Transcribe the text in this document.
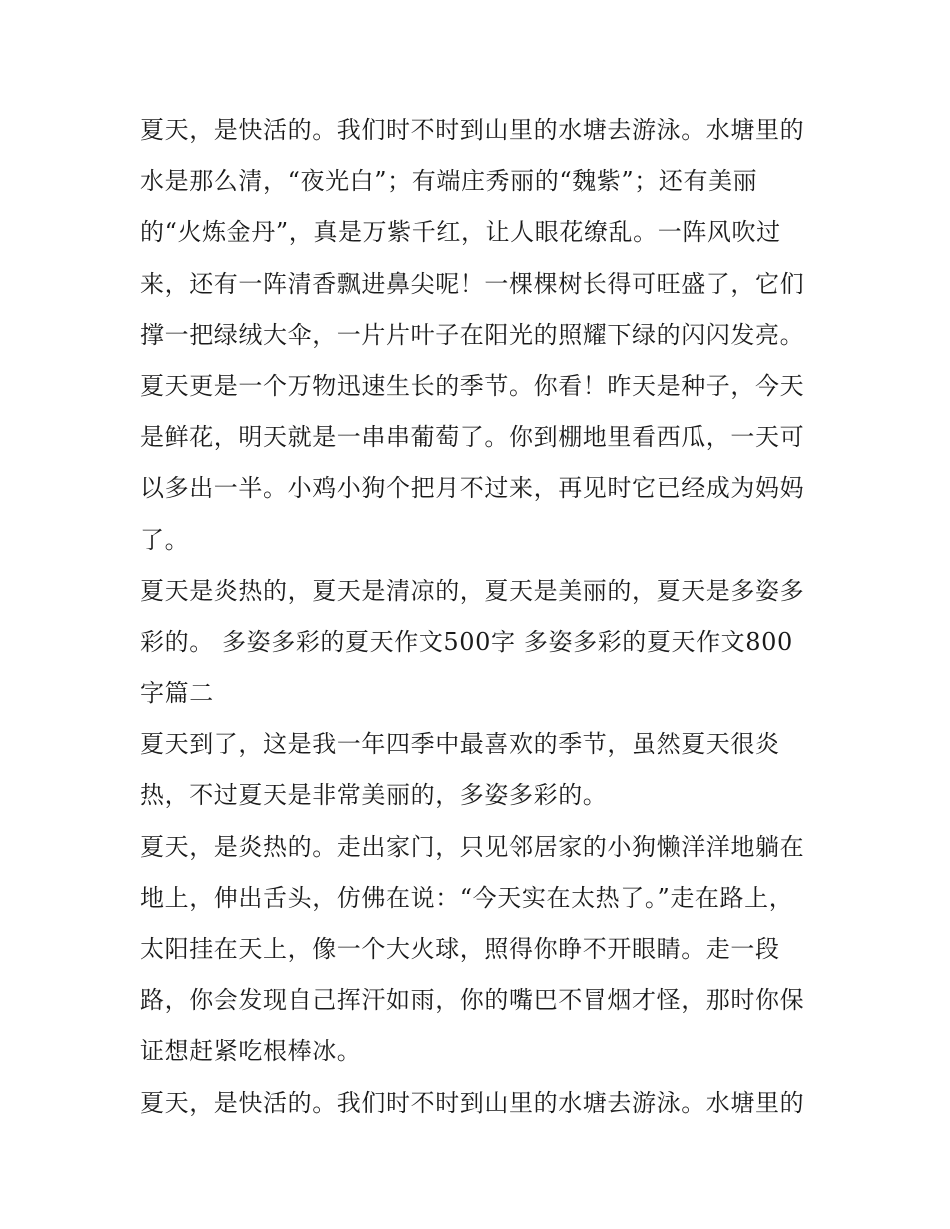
夏天，是快活的。我们时不时到山里的水塘去游泳。水塘里的
水是那么清，“夜光白”；有端庄秀丽的“魏紫”；还有美丽
的“火炼金丹”，真是万紫千红，让人眼花缭乱。一阵风吹过
来，还有一阵清香飘进鼻尖呢！一棵棵树长得可旺盛了，它们
撑一把绿绒大伞，一片片叶子在阳光的照耀下绿的闪闪发亮。
夏天更是一个万物迅速生长的季节。你看！昨天是种子，今天
是鲜花，明天就是一串串葡萄了。你到棚地里看西瓜，一天可
以多出一半。小鸡小狗个把月不过来，再见时它已经成为妈妈
了。
夏天是炎热的，夏天是清凉的，夏天是美丽的，夏天是多姿多
彩的。 多姿多彩的夏天作文500字 多姿多彩的夏天作文800
字篇二
夏天到了，这是我一年四季中最喜欢的季节，虽然夏天很炎
热，不过夏天是非常美丽的，多姿多彩的。
夏天，是炎热的。走出家门，只见邻居家的小狗懒洋洋地躺在
地上，伸出舌头，仿佛在说：“今天实在太热了。”走在路上，
太阳挂在天上，像一个大火球，照得你睁不开眼睛。走一段
路，你会发现自己挥汗如雨，你的嘴巴不冒烟才怪，那时你保
证想赶紧吃根棒冰。
夏天，是快活的。我们时不时到山里的水塘去游泳。水塘里的
